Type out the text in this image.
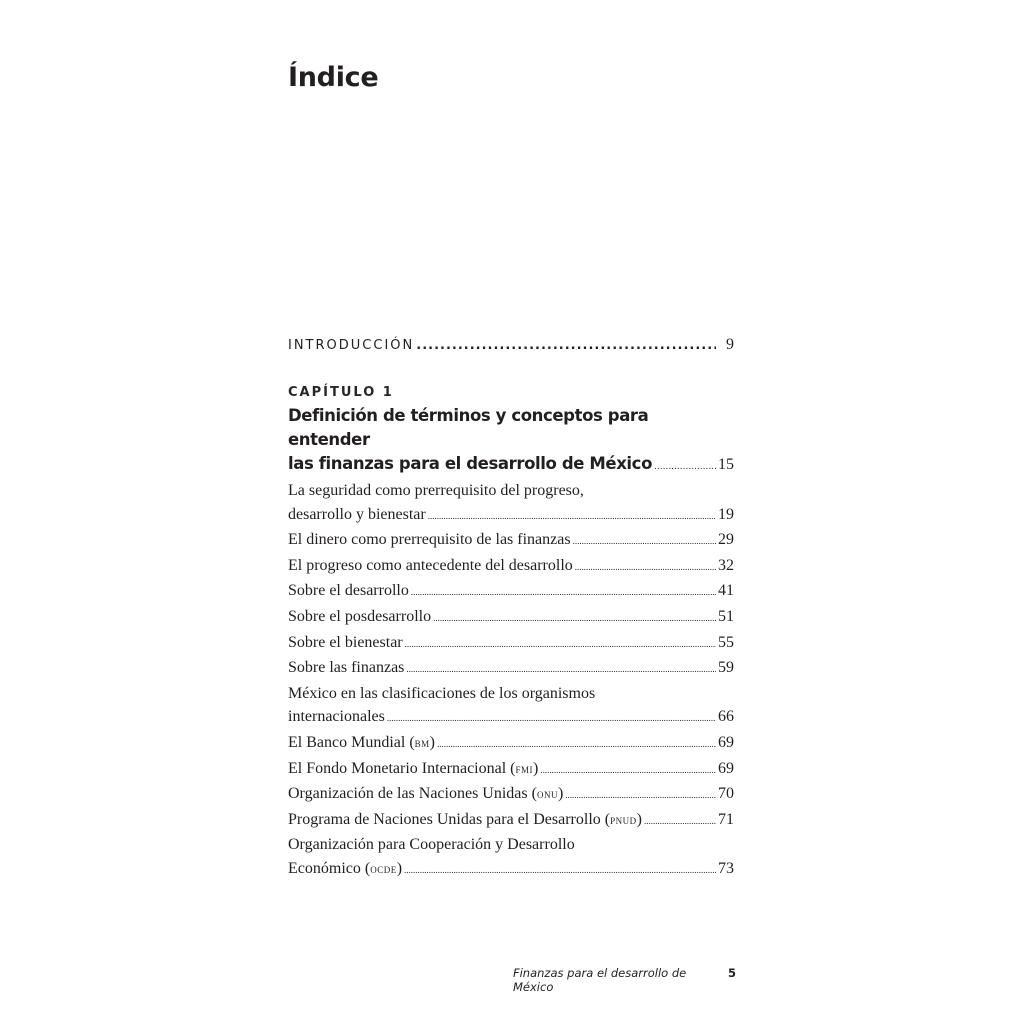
Índice
INTRODUCCIÓN .....	9
CAPÍTULO 1
Definición de términos y conceptos para entender
las finanzas para el desarrollo de México .....	15
La seguridad como prerrequisito del progreso,
desarrollo y bienestar .....	19
El dinero como prerrequisito de las finanzas .....	29
El progreso como antecedente del desarrollo .....	32
Sobre el desarrollo .....	41
Sobre el posdesarrollo .....	51
Sobre el bienestar .....	55
Sobre las finanzas .....	59
México en las clasificaciones de los organismos
internacionales .....	66
El Banco Mundial (bm) .....	69
El Fondo Monetario Internacional (fmi) .....	69
Organización de las Naciones Unidas (onu) .....	70
Programa de Naciones Unidas para el Desarrollo (pnud) .....	71
Organización para Cooperación y Desarrollo
Económico (ocde) .....	73
Finanzas para el desarrollo de México
5
